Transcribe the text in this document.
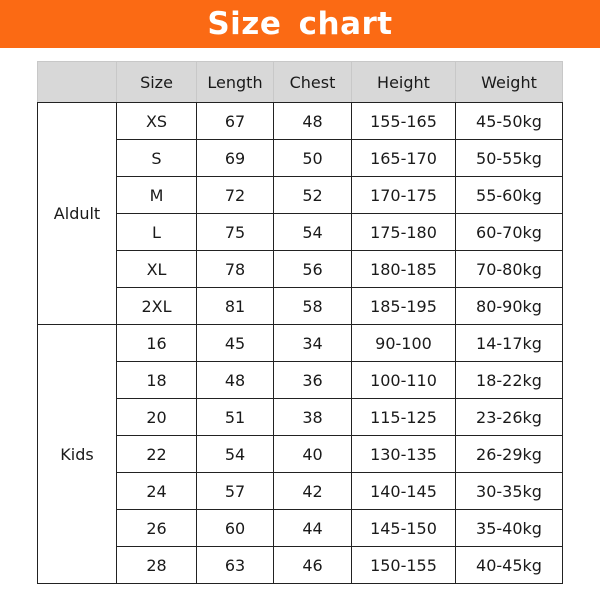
Size chart
	Size	Length	Chest	Height	Weight
Aldult	XS	67	48	155-165	45-50kg
	S	69	50	165-170	50-55kg
	M	72	52	170-175	55-60kg
	L	75	54	175-180	60-70kg
	XL	78	56	180-185	70-80kg
	2XL	81	58	185-195	80-90kg
Kids	16	45	34	90-100	14-17kg
	18	48	36	100-110	18-22kg
	20	51	38	115-125	23-26kg
	22	54	40	130-135	26-29kg
	24	57	42	140-145	30-35kg
	26	60	44	145-150	35-40kg
	28	63	46	150-155	40-45kg
